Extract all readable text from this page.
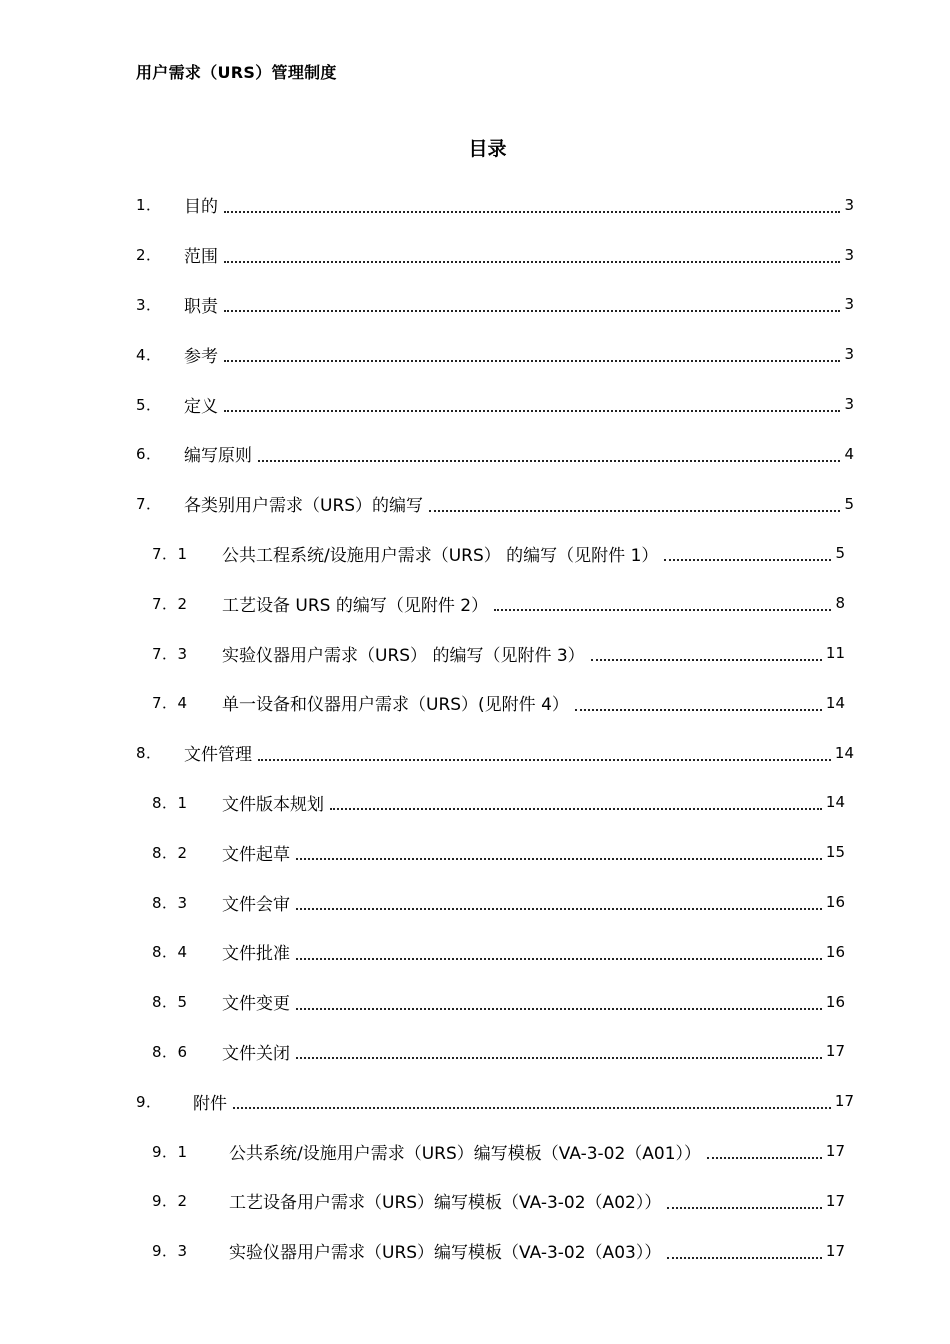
用户需求（URS）管理制度
目录
1． 目的	3
2． 范围	3
3． 职责	3
4． 参考	3
5． 定义	3
6． 编写原则	4
7． 各类别用户需求（URS）的编写	5
7．1 公共工程系统/设施用户需求（URS） 的编写（见附件 1）	5
7．2 工艺设备 URS 的编写（见附件 2）	8
7．3 实验仪器用户需求（URS） 的编写（见附件 3）	11
7．4 单一设备和仪器用户需求（URS）(见附件 4）	14
8． 文件管理	14
8．1 文件版本规划	14
8．2 文件起草	15
8．3 文件会审	16
8．4 文件批准	16
8．5 文件变更	16
8．6 文件关闭	17
9． 附件	17
9．1 公共系统/设施用户需求（URS）编写模板（VA-3-02（A01））	17
9．2 工艺设备用户需求（URS）编写模板（VA-3-02（A02））	17
9．3 实验仪器用户需求（URS）编写模板（VA-3-02（A03））	17
